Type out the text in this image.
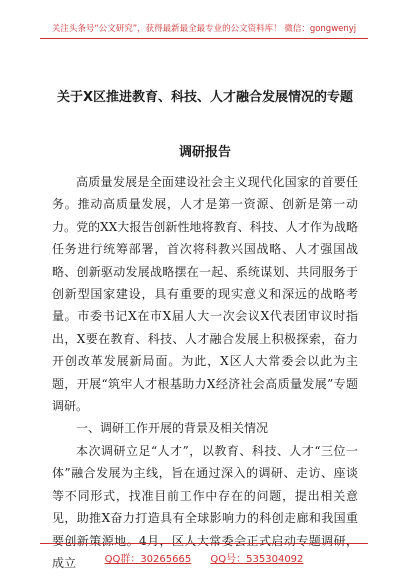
关注头条号“公文研究”，获得最新最全最专业的公文资料库！ 微信：gongwenyj
关于X区推进教育、科技、人才融合发展情况的专题调研报告

高质量发展是全面建设社会主义现代化国家的首要任务。推动高质量发展，人才是第一资源、创新是第一动力。党的XX大报告创新性地将教育、科技、人才作为战略任务进行统筹部署，首次将科教兴国战略、人才强国战略、创新驱动发展战略摆在一起、系统谋划、共同服务于创新型国家建设，具有重要的现实意义和深远的战略考量。市委书记X在市X届人大一次会议X代表团审议时指出，X要在教育、科技、人才融合发展上积极探索，奋力开创改革发展新局面。为此，X区人大常委会以此为主题，开展“筑牢人才根基助力X经济社会高质量发展”专题调研。

一、调研工作开展的背景及相关情况

本次调研立足“人才”，以教育、科技、人才“三位一体”融合发展为主线，旨在通过深入的调研、走访、座谈等不同形式，找准目前工作中存在的问题，提出相关意见，助推X奋力打造具有全球影响力的科创走廊和我国重要创新策源地。4月，区人大常委会正式启动专题调研，成立	QQ群：30265665 QQ号：535304092
